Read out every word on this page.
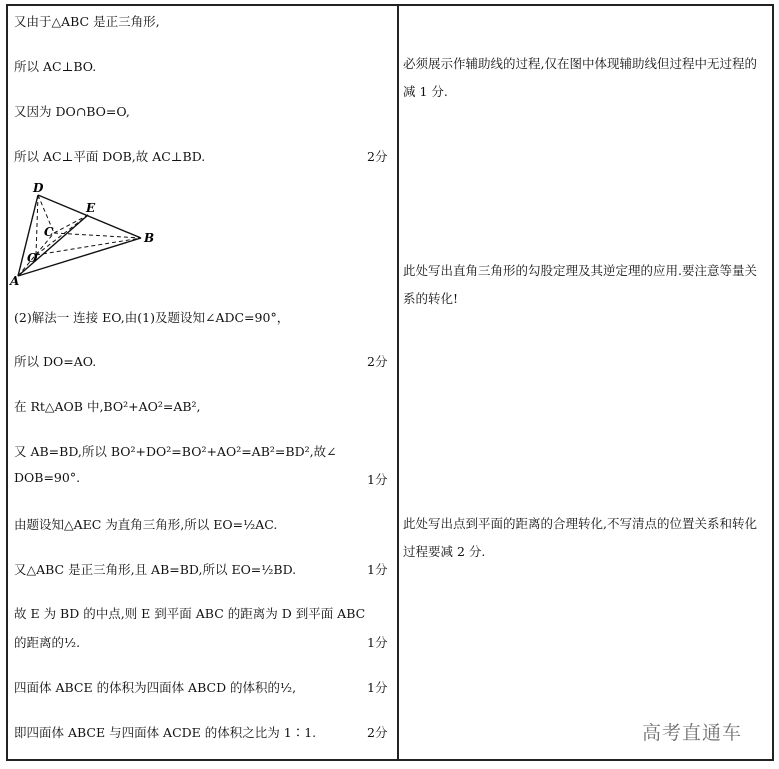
又由于△ABC 是正三角形,
所以 AC⊥BO.
又因为 DO∩BO=O,
所以 AC⊥平面 DOB,故 AC⊥BD.	2分
D
E
C
O
B
A
(2)解法一 连接 EO,由(1)及题设知∠ADC=90°，
所以 DO=AO.	2分
在 Rt△AOB 中,BO²+AO²=AB²,
又 AB=BD,所以 BO²+DO²=BO²+AO²=AB²=BD²,故∠
DOB=90°.	1分
由题设知△AEC 为直角三角形,所以 EO=½AC.
又△ABC 是正三角形,且 AB=BD,所以 EO=½BD.	1分
故 E 为 BD 的中点,则 E 到平面 ABC 的距离为 D 到平面 ABC
的距离的½.	1分
四面体 ABCE 的体积为四面体 ABCD 的体积的½,	1分
即四面体 ABCE 与四面体 ACDE 的体积之比为 1∶1.	2分
必须展示作辅助线的过程,仅在图中体现辅助线但过程中无过程的减 1 分.
此处写出直角三角形的勾股定理及其逆定理的应用.要注意等量关系的转化!
此处写出点到平面的距离的合理转化,不写清点的位置关系和转化过程要减 2 分.
高考直通车
